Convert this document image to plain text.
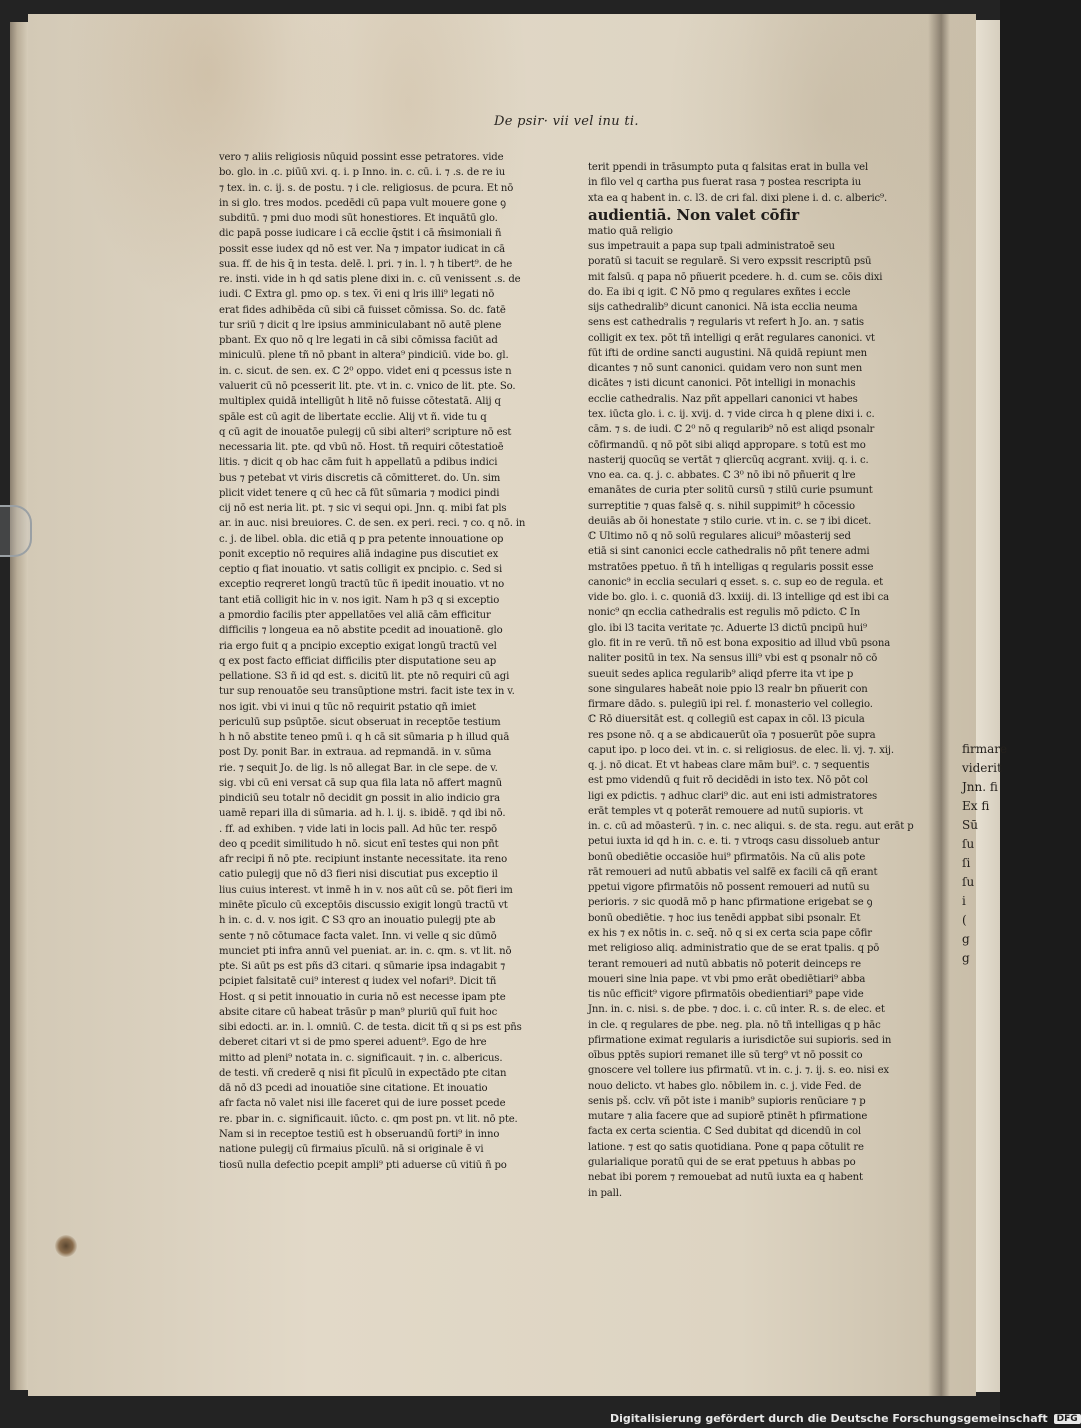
De psir· vii vel inu ti.
vero ⁊ aliis religiosis nūquid possint esse petratores. vide
bo. glo. in .c. piūū xvi. q. i. p Inno. in. c. cū. i. ⁊ .s. de re iu
⁊ tex. in. c. ij. s. de postu. ⁊ i cle. religiosus. de pcura. Et nō
in si glo. tres modos. pcedēdi cū papa vult mouere gone ꝯ
subditū. ⁊ pmi duo modi sūt honestiores. Et inquātū glo.
dic papā posse iudicare i cā ecclie q̄stit i cā m̄simoniali ñ
possit esse iudex qd nō est ver. Na ⁊ impator iudicat in cā
sua. ff. de his q̄ in testa. delē. l. pri. ⁊ in. l. ⁊ h tibert⁹. de he
re. insti. vide in h qd satis plene dixi in. c. cū venissent .s. de
iudi. ℂ Extra gl. pmo op. s tex. v̄i eni q lris illi⁹ legati nō
erat fides adhibēda cū sibi cā fuisset cōmissa. So. dc. fatē
tur sriū ⁊ dicit q lre ipsius amminiculabant nō autē plene
pbant. Ex quo nō q lre legati in cā sibi cōmissa faciūt ad
miniculū. plene tñ nō pbant in altera⁹ pindiciū. vide bo. gl.
in. c. sicut. de sen. ex. ℂ 2⁰ oppo. videt eni q pcessus iste n
valuerit cū nō pcesserit lit. pte. vt in. c. vnico de lit. pte. So.
multiplex quidā intelligūt h litē nō fuisse cōtestatā. Alij q
spāle est cū agit de libertate ecclie. Alij vt ñ. vide tu q
q cū agit de inouatōe pulegij cū sibi alteri⁹ scripture nō est
necessaria lit. pte. qd vbū nō. Host. tñ requiri cōtestatioē
litis. ⁊ dicit q ob hac cām fuit h appellatū a pdibus indici
bus ⁊ petebat vt viris discretis cā cōmitteret. do. Un. sim
plicit videt tenere q cū hec cā fūt sūmaria ⁊ modici pindi
cij nō est neria lit. pt. ⁊ sic vi sequi opi. Jnn. q. mibi fat pls
ar. in auc. nisi breuiores. C. de sen. ex peri. reci. ⁊ co. q nō. in
c. j. de libel. obla. dic etiā q p pra petente innouatione op
ponit exceptio nō requires aliā indagine pus discutiet ex
ceptio q fiat inouatio. vt satis colligit ex pncipio. c. Sed si
exceptio reqreret longū tractū tūc ñ ipedit inouatio. vt no
tant etiā colligit hic in v. nos igit. Nam h p3 q si exceptio
a pmordio facilis pter appellatōes vel aliā cām efficitur
difficilis ⁊ longeua ea nō abstite pcedit ad inouationē. glo
ria ergo fuit q a pncipio exceptio exigat longū tractū vel
q ex post facto efficiat difficilis pter disputatione seu ap
pellatione. S3 ñ id qd est. s. dicitū lit. pte nō requiri cū agi
tur sup renouatōe seu transūptione mstri. facit iste tex in v.
nos igit. vbi vi inui q tūc nō requirit pstatio qñ imiet
periculū sup psūptōe. sicut obseruat in receptōe testium
h h nō abstite teneo pmū i. q h cā sit sūmaria p h illud quā
post Dy. ponit Bar. in extraua. ad repmandā. in v. sūma
rie. ⁊ sequit Jo. de lig. ls nō allegat Bar. in cle sepe. de v.
sig. vbi cū eni versat cā sup qua fila lata nō affert magnū
pindiciū seu totalr nō decidit gn possit in alio indicio gra
uamē repari illa di sūmaria. ad h. l. ij. s. ibidē. ⁊ qd ibi nō.
. ff. ad exhiben. ⁊ vide lati in locis pall. Ad hūc ter. respō
deo q pcedit similitudo h nō. sicut enī testes qui non pñt
afr recipi ñ nō pte. recipiunt instante necessitate. ita reno
catio pulegij que nō d3 fieri nisi discutiat pus exceptio il
lius cuius interest. vt inmē h in v. nos aūt cū se. pōt fieri im
minēte pīculo cū exceptōis discussio exigit longū tractū vt
h in. c. d. v. nos igit. ℂ S3 qro an inouatio pulegij pte ab
sente ⁊ nō cōtumace facta valet. Inn. vi velle q sic dūmō
munciet pti infra annū vel pueniat. ar. in. c. qm. s. vt lit. nō
pte. Si aūt ps est pñs d3 citari. q sūmarie ipsa indagabit ⁊
pcipiet falsitatē cui⁹ interest q iudex vel nofari⁹. Dicit tñ
Host. q si petit innouatio in curia nō est necesse ipam pte
absite citare cū habeat trāsūr p man⁹ pluriū quī fuit hoc
sibi edocti. ar. in. l. omniū. C. de testa. dicit tñ q si ps est pñs
deberet citari vt si de pmo sperei aduent⁹. Ego de hre
mitto ad pleni⁹ notata in. c. significauit. ⁊ in. c. albericus.
de testi. vñ crederē q nisi fit pīculū in expectādo pte citan
dā nō d3 pcedi ad inouatiōe sine citatione. Et inouatio
afr facta nō valet nisi ille faceret qui de iure posset pcede
re. pbar in. c. significauit. iūcto. c. qm post pn. vt lit. nō pte.
Nam si in receptoe testiū est h obseruandū forti⁹ in inno
natione pulegij cū firmaius pīculū. nā si originale ē vi
tiosū nulla defectio pcepit ampli⁹ pti aduerse cū vitiū ñ po
terit ppendi in trāsumpto puta q falsitas erat in bulla vel
in filo vel q cartha pus fuerat rasa ⁊ postea rescripta iu
xta ea q habent in. c. l3. de cri fal. dixi plene i. d. c. alberic⁹.
audientiā. Non valet cōfir
matio quā religio
sus impetrauit a papa sup tpali administratoē seu
poratū si tacuit se regularē. Si vero expssit rescriptū psū
mit falsū. q papa nō pñuerit pcedere. h. d. cum se. cōis dixi
do. Ea ibi q igit. ℂ Nō pmo q regulares exñtes i eccle
sijs cathedralib⁹ dicunt canonici. Nā ista ecclia neuma
sens est cathedralis ⁊ regularis vt refert h Jo. an. ⁊ satis
colligit ex tex. pōt tñ intelligi q erāt regulares canonici. vt
fūt ifti de ordine sancti augustini. Nā quidā repiunt men
dicantes ⁊ nō sunt canonici. quidam vero non sunt men
dicātes ⁊ isti dicunt canonici. Pōt intelligi in monachis
ecclie cathedralis. Naz pñt appellari canonici vt habes
tex. iūcta glo. i. c. ij. xvij. d. ⁊ vide circa h q plene dixi i. c.
cām. ⁊ s. de iudi. ℂ 2⁰ nō q regularib⁹ nō est aliqd psonalr
cōfirmandū. q nō pōt sibi aliqd appropare. s totū est mo
nasterij quocūq se vertāt ⁊ qliercūq acgrant. xviij. q. i. c.
vno ea. ca. q. j. c. abbates. ℂ 3⁰ nō ibi nō pñuerit q lre
emanātes de curia pter solitū cursū ⁊ stilū curie psumunt
surreptitie ⁊ quas falsē q. s. nihil suppimit⁹ h cōcessio
deuiās ab ōi honestate ⁊ stilo curie. vt in. c. se ⁊ ibi dicet.
ℂ Ultimo nō q nō solū regulares alicui⁹ mōasterij sed
etiā si sint canonici eccle cathedralis nō pñt tenere admi
mstratōes ppetuo. ñ tñ h intelligas q regularis possit esse
canonic⁹ in ecclia seculari q esset. s. c. sup eo de regula. et
vide bo. glo. i. c. quoniā d3. lxxiij. di. l3 intellige qd est ibi ca
nonic⁹ qn ecclia cathedralis est regulis mō pdicto. ℂ In
glo. ibi l3 tacita veritate ⁊c. Aduerte l3 dictū pncipū hui⁹
glo. fit in re verū. tñ nō est bona expositio ad illud vbū psona
naliter positū in tex. Na sensus illi⁹ vbi est q psonalr nō cō
sueuit sedes aplica regularib⁹ aliqd pferre ita vt ipe p
sone singulares habeāt noie ppio l3 realr bn pñuerit con
firmare dādo. s. pulegiū ipi rel. f. monasterio vel collegio.
ℂ Rō diuersitāt est. q collegiū est capax in cōl. l3 picula
res psone nō. q a se abdicauerūt oīa ⁊ posuerūt pōe supra
caput ipo. p loco dei. vt in. c. si religiosus. de elec. li. vj. ⁊. xij.
q. j. nō dicat. Et vt habeas clare mām bui⁹. c. ⁊ sequentis
est pmo videndū q fuit rō decidēdi in isto tex. Nō pōt col
ligi ex pdictis. ⁊ adhuc clari⁹ dic. aut eni isti admistratores
erāt temples vt q poterāt remouere ad nutū supioris. vt
in. c. cū ad mōasterū. ⁊ in. c. nec aliqui. s. de sta. regu. aut erāt p
petui iuxta id qd h in. c. e. ti. ⁊ vtroqs casu dissolueb antur
bonū obediētie occasiōe hui⁹ pfirmatōis. Na cū alis pote
rāt remoueri ad nutū abbatis vel salfē ex facili cā qñ erant
ppetui vigore pfirmatōis nō possent remoueri ad nutū su
perioris. ⁊ sic quodā mō p hanc pfirmatione erigebat se ꝯ
bonū obediētie. ⁊ hoc ius tenēdi appbat sibi psonalr. Et
ex his ⁊ ex nōtis in. c. seq̄. nō q si ex certa scia pape cōfir
met religioso aliq. administratio que de se erat tpalis. q pō
terant remoueri ad nutū abbatis nō poterit deinceps re
moueri sine lnia pape. vt vbi pmo erāt obediētiari⁹ abba
tis nūc efficit⁹ vigore pfirmatōis obedientiari⁹ pape vide
Jnn. in. c. nisi. s. de pbe. ⁊ doc. i. c. cū inter. R. s. de elec. et
in cle. q regulares de pbe. neg. pla. nō tñ intelligas q p hāc
pfirmatione eximat regularis a iurisdictōe sui supioris. sed in
oībus pptēs supiori remanet ille sū terg⁹ vt nō possit co
gnoscere vel tollere ius pfirmatū. vt in. c. j. ⁊. ij. s. eo. nisi ex
nouo delicto. vt habes glo. nōbilem in. c. j. vide Fed. de
senis pš. cclv. vñ pōt iste i manib⁹ supioris renūciare ⁊ p
mutare ⁊ alia facere que ad supiorē ptinēt h pfirmatione
facta ex certa scientia. ℂ Sed dubitat qd dicendū in col
latione. ⁊ est qo satis quotidiana. Pone q papa cōtulit re
gularialique poratū qui de se erat ppetuus h abbas po
nebat ibi porem ⁊ remouebat ad nutū iuxta ea q habent
in pall.
firmare
viderit
Jnn. fi
Ex fi
Sū
ſu
ſi
ſu
i
(
g
g
Digitalisierung gefördert durch die Deutsche Forschungsgemeinschaft DFG
